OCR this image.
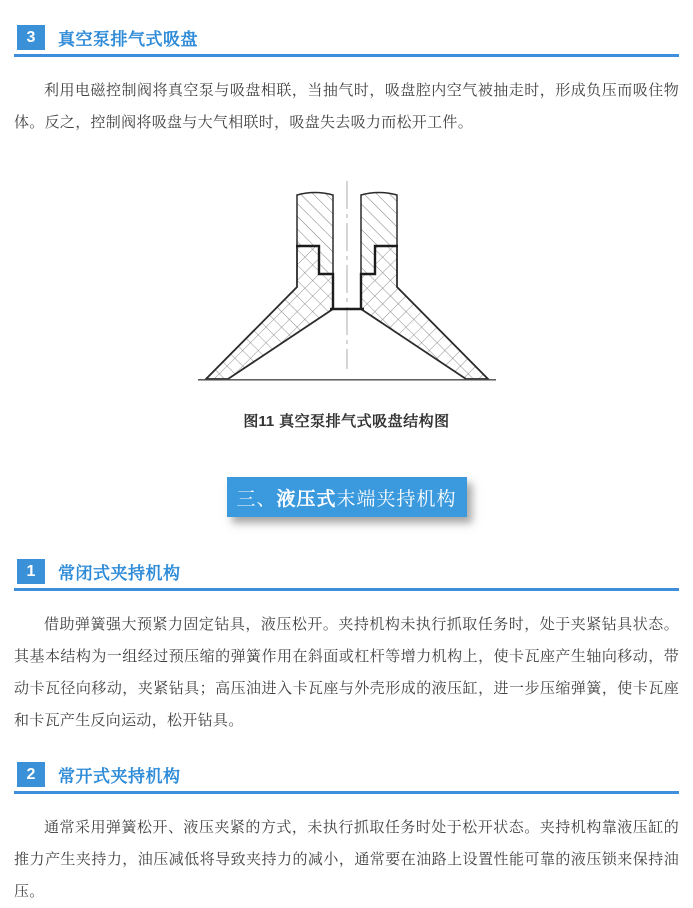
3	真空泵排气式吸盘

利用电磁控制阀将真空泵与吸盘相联，当抽气时，吸盘腔内空气被抽走时，形成负压而吸住物体。反之，控制阀将吸盘与大气相联时，吸盘失去吸力而松开工件。

图11 真空泵排气式吸盘结构图
三、 液压式 末端夹持机构
1	常闭式夹持机构

借助弹簧强大预紧力固定钻具，液压松开。夹持机构未执行抓取任务时，处于夹紧钻具状态。其基本结构为一组经过预压缩的弹簧作用在斜面或杠杆等增力机构上，使卡瓦座产生轴向移动，带动卡瓦径向移动，夹紧钻具；高压油进入卡瓦座与外壳形成的液压缸，进一步压缩弹簧，使卡瓦座和卡瓦产生反向运动，松开钻具。

2	常开式夹持机构

通常采用弹簧松开、液压夹紧的方式，未执行抓取任务时处于松开状态。夹持机构靠液压缸的推力产生夹持力，油压减低将导致夹持力的减小，通常要在油路上设置性能可靠的液压锁来保持油压。
